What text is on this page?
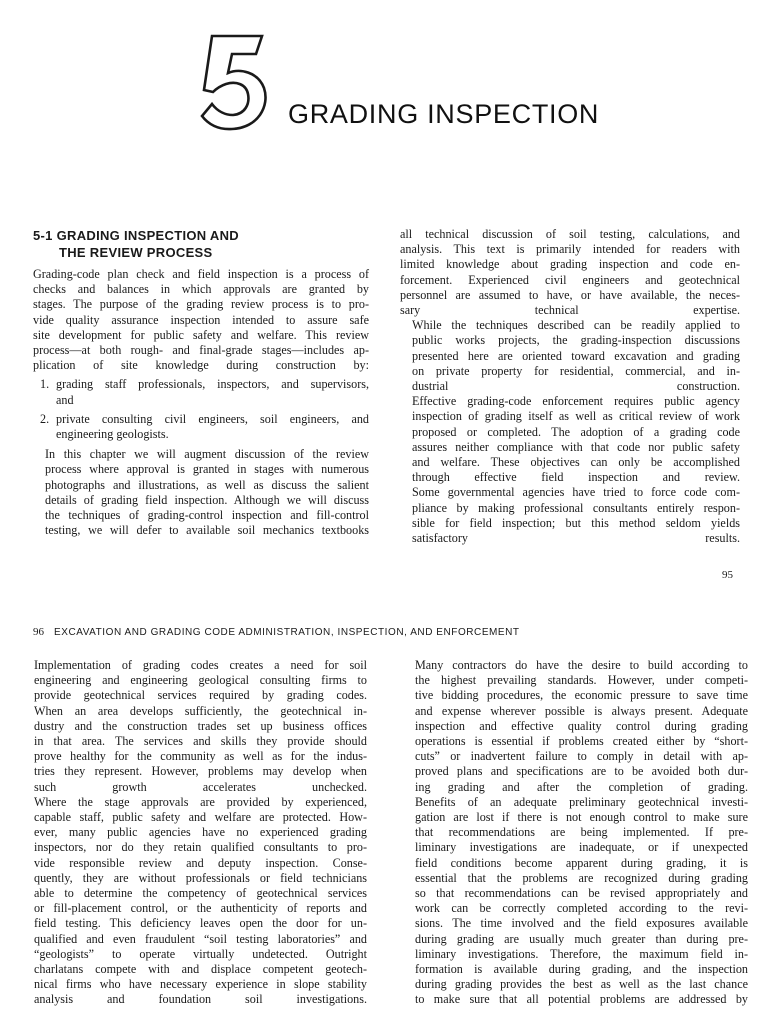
GRADING INSPECTION
5-1 GRADING INSPECTION AND
THE REVIEW PROCESS

Grading-code plan check and field inspection is a process of
checks and balances in which approvals are granted by
stages. The purpose of the grading review process is to pro-
vide quality assurance inspection intended to assure safe
site development for public safety and welfare. This review
process—at both rough- and final-grade stages—includes ap-
plication of site knowledge during construction by:

1. grading staff professionals, inspectors, and supervisors,
and
2. private consulting civil engineers, soil engineers, and
engineering geologists.

In this chapter we will augment discussion of the review
process where approval is granted in stages with numerous
photographs and illustrations, as well as discuss the salient
details of grading field inspection. Although we will discuss
the techniques of grading-control inspection and fill-control
testing, we will defer to available soil mechanics textbooks

all technical discussion of soil testing, calculations, and
analysis. This text is primarily intended for readers with
limited knowledge about grading inspection and code en-
forcement. Experienced civil engineers and geotechnical
personnel are assumed to have, or have available, the neces-
sary technical expertise.

While the techniques described can be readily applied to
public works projects, the grading-inspection discussions
presented here are oriented toward excavation and grading
on private property for residential, commercial, and in-
dustrial construction.

Effective grading-code enforcement requires public agency
inspection of grading itself as well as critical review of work
proposed or completed. The adoption of a grading code
assures neither compliance with that code nor public safety
and welfare. These objectives can only be accomplished
through effective field inspection and review.

Some governmental agencies have tried to force code com-
pliance by making professional consultants entirely respon-
sible for field inspection; but this method seldom yields
satisfactory results.

95
96 EXCAVATION AND GRADING CODE ADMINISTRATION, INSPECTION, AND ENFORCEMENT

Implementation of grading codes creates a need for soil
engineering and engineering geological consulting firms to
provide geotechnical services required by grading codes.
When an area develops sufficiently, the geotechnical in-
dustry and the construction trades set up business offices
in that area. The services and skills they provide should
prove healthy for the community as well as for the indus-
tries they represent. However, problems may develop when
such growth accelerates unchecked.

Where the stage approvals are provided by experienced,
capable staff, public safety and welfare are protected. How-
ever, many public agencies have no experienced grading
inspectors, nor do they retain qualified consultants to pro-
vide responsible review and deputy inspection. Conse-
quently, they are without professionals or field technicians
able to determine the competency of geotechnical services
or fill-placement control, or the authenticity of reports and
field testing. This deficiency leaves open the door for un-
qualified and even fraudulent “soil testing laboratories” and
“geologists” to operate virtually undetected. Outright
charlatans compete with and displace competent geotech-
nical firms who have necessary experience in slope stability
analysis and foundation soil investigations.

Many contractors do have the desire to build according to
the highest prevailing standards. However, under competi-
tive bidding procedures, the economic pressure to save time
and expense wherever possible is always present. Adequate
inspection and effective quality control during grading
operations is essential if problems created either by “short-
cuts” or inadvertent failure to comply in detail with ap-
proved plans and specifications are to be avoided both dur-
ing grading and after the completion of grading.

Benefits of an adequate preliminary geotechnical investi-
gation are lost if there is not enough control to make sure
that recommendations are being implemented. If pre-
liminary investigations are inadequate, or if unexpected
field conditions become apparent during grading, it is
essential that the problems are recognized during grading
so that recommendations can be revised appropriately and
work can be correctly completed according to the revi-
sions. The time involved and the field exposures available
during grading are usually much greater than during pre-
liminary investigations. Therefore, the maximum field in-
formation is available during grading, and the inspection
during grading provides the best as well as the last chance
to make sure that all potential problems are addressed by
